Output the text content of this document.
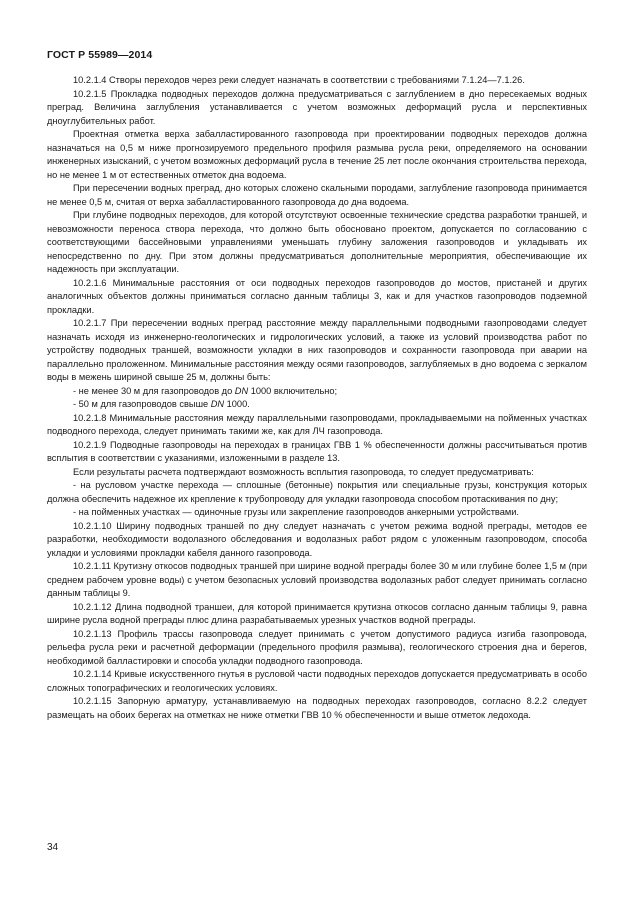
ГОСТ Р 55989—2014

10.2.1.4 Створы переходов через реки следует назначать в соответствии с требованиями 7.1.24—7.1.26.

10.2.1.5 Прокладка подводных переходов должна предусматриваться с заглублением в дно пересекаемых водных преград. Величина заглубления устанавливается с учетом возможных деформаций русла и перспективных дноуглубительных работ.

Проектная отметка верха забалластированного газопровода при проектировании подводных переходов должна назначаться на 0,5 м ниже прогнозируемого предельного профиля размыва русла реки, определяемого на основании инженерных изысканий, с учетом возможных деформаций русла в течение 25 лет после окончания строительства перехода, но не менее 1 м от естественных отметок дна водоема.

При пересечении водных преград, дно которых сложено скальными породами, заглубление газопровода принимается не менее 0,5 м, считая от верха забалластированного газопровода до дна водоема.

При глубине подводных переходов, для которой отсутствуют освоенные технические средства разработки траншей, и невозможности переноса створа перехода, что должно быть обосновано проектом, допускается по согласованию с соответствующими бассейновыми управлениями уменьшать глубину заложения газопроводов и укладывать их непосредственно по дну. При этом должны предусматриваться дополнительные мероприятия, обеспечивающие их надежность при эксплуатации.

10.2.1.6 Минимальные расстояния от оси подводных переходов газопроводов до мостов, пристаней и других аналогичных объектов должны приниматься согласно данным таблицы 3, как и для участков газопроводов подземной прокладки.

10.2.1.7 При пересечении водных преград расстояние между параллельными подводными газопроводами следует назначать исходя из инженерно-геологических и гидрологических условий, а также из условий производства работ по устройству подводных траншей, возможности укладки в них газопроводов и сохранности газопровода при аварии на параллельно проложенном. Минимальные расстояния между осями газопроводов, заглубляемых в дно водоема с зеркалом воды в межень шириной свыше 25 м, должны быть:

- не менее 30 м для газопроводов до DN 1000 включительно;

- 50 м для газопроводов свыше DN 1000.

10.2.1.8 Минимальные расстояния между параллельными газопроводами, прокладываемыми на пойменных участках подводного перехода, следует принимать такими же, как для ЛЧ газопровода.

10.2.1.9 Подводные газопроводы на переходах в границах ГВВ 1 % обеспеченности должны рассчитываться против всплытия в соответствии с указаниями, изложенными в разделе 13.

Если результаты расчета подтверждают возможность всплытия газопровода, то следует предусматривать:

- на русловом участке перехода — сплошные (бетонные) покрытия или специальные грузы, конструкция которых должна обеспечить надежное их крепление к трубопроводу для укладки газопровода способом протаскивания по дну;

- на пойменных участках — одиночные грузы или закрепление газопроводов анкерными устройствами.

10.2.1.10 Ширину подводных траншей по дну следует назначать с учетом режима водной преграды, методов ее разработки, необходимости водолазного обследования и водолазных работ рядом с уложенным газопроводом, способа укладки и условиями прокладки кабеля данного газопровода.

10.2.1.11 Крутизну откосов подводных траншей при ширине водной преграды более 30 м или глубине более 1,5 м (при среднем рабочем уровне воды) с учетом безопасных условий производства водолазных работ следует принимать согласно данным таблицы 9.

10.2.1.12 Длина подводной траншеи, для которой принимается крутизна откосов согласно данным таблицы 9, равна ширине русла водной преграды плюс длина разрабатываемых урезных участков водной преграды.

10.2.1.13 Профиль трассы газопровода следует принимать с учетом допустимого радиуса изгиба газопровода, рельефа русла реки и расчетной деформации (предельного профиля размыва), геологического строения дна и берегов, необходимой балластировки и способа укладки подводного газопровода.

10.2.1.14 Кривые искусственного гнутья в русловой части подводных переходов допускается предусматривать в особо сложных топографических и геологических условиях.

10.2.1.15 Запорную арматуру, устанавливаемую на подводных переходах газопроводов, согласно 8.2.2 следует размещать на обоих берегах на отметках не ниже отметки ГВВ 10 % обеспеченности и выше отметок ледохода.

34
